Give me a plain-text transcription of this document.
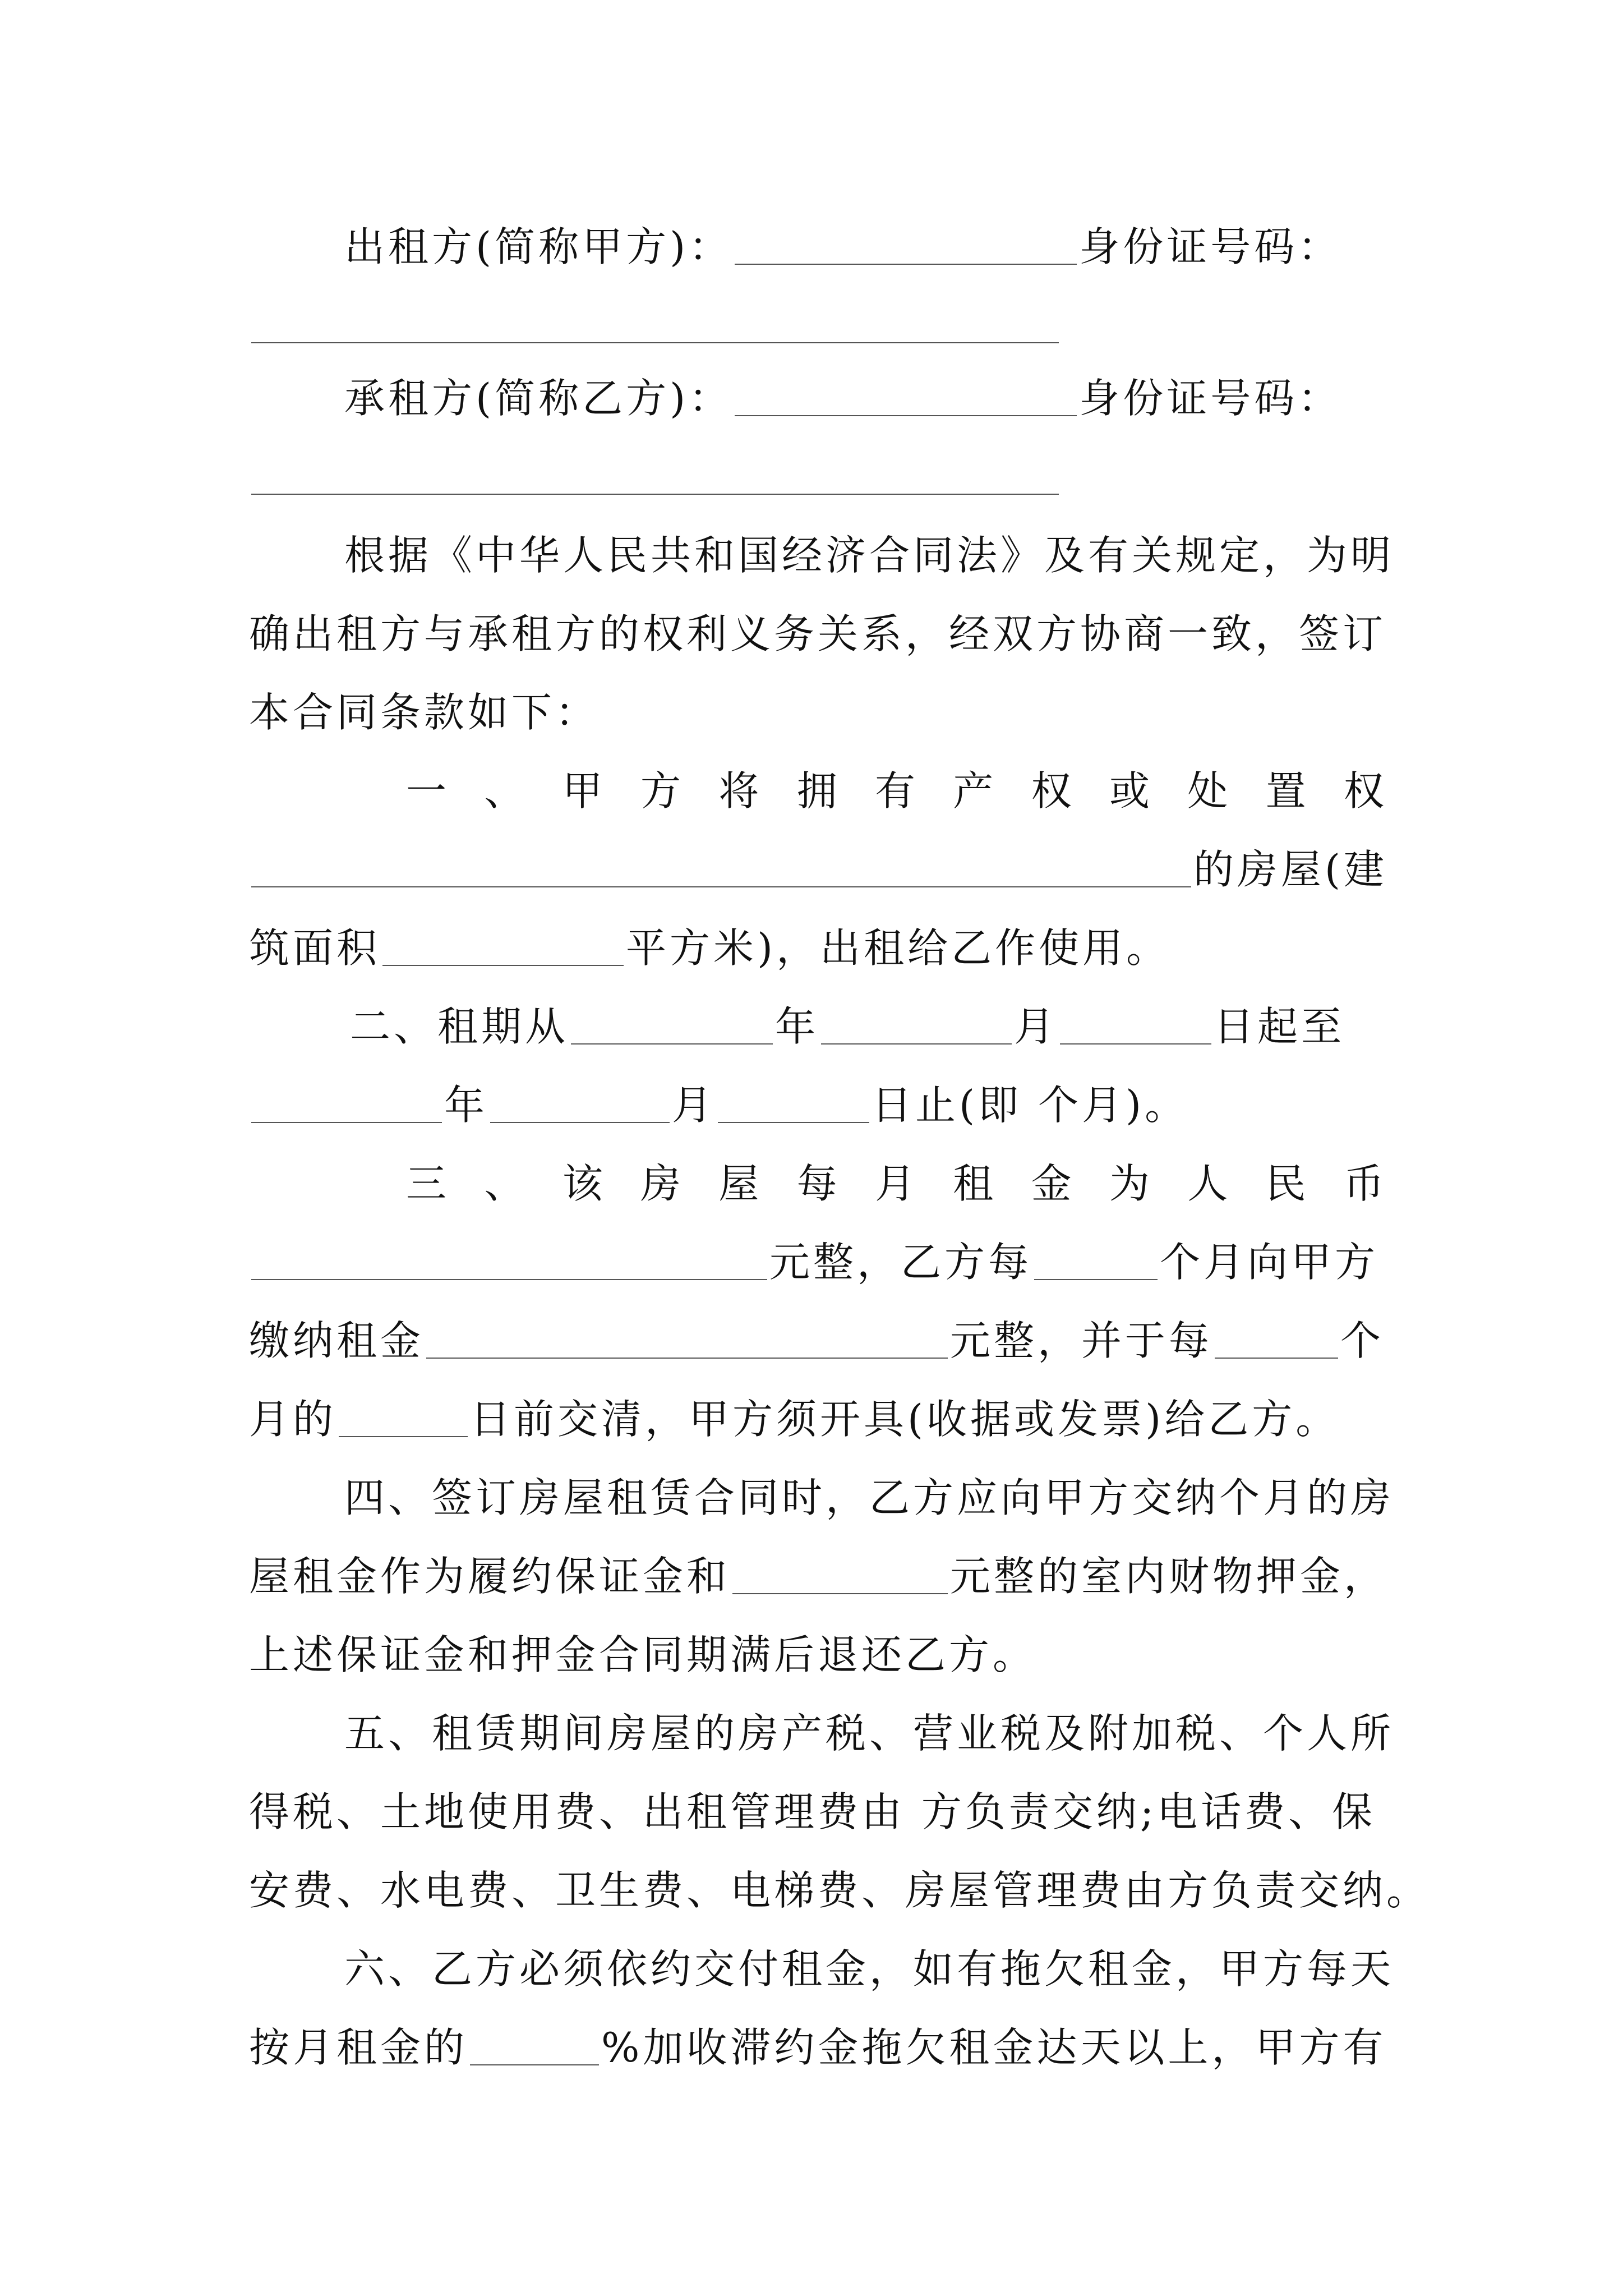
出租方(简称甲方)：	身份证号码：
承租方(简称乙方)：	身份证号码：
根据《中华人民共和国经济合同法》及有关规定，为明
确出租方与承租方的权利义务关系，经双方协商一致，签订
本合同条款如下：
一 、 甲 方 将 拥 有 产 权 或 处 置 权
的房屋(建
筑面积	平方米)，出租给乙作使用。
二、租期从	年	月	日起至
年	月	日止(即 个月)。
三 、 该 房 屋 每 月 租 金 为 人 民 币
元整，乙方每	个月向甲方
缴纳租金	元整，并于每	个
月的	日前交清，甲方须开具(收据或发票)给乙方。
四、签订房屋租赁合同时，乙方应向甲方交纳个月的房
屋租金作为履约保证金和	元整的室内财物押金，
上述保证金和押金合同期满后退还乙方。
五、租赁期间房屋的房产税、营业税及附加税、个人所
得税、土地使用费、出租管理费由 方负责交纳;电话费、保
安费、水电费、卫生费、电梯费、房屋管理费由方负责交纳。
六、乙方必须依约交付租金，如有拖欠租金，甲方每天
按月租金的	%加收滞约金拖欠租金达天以上，甲方有
